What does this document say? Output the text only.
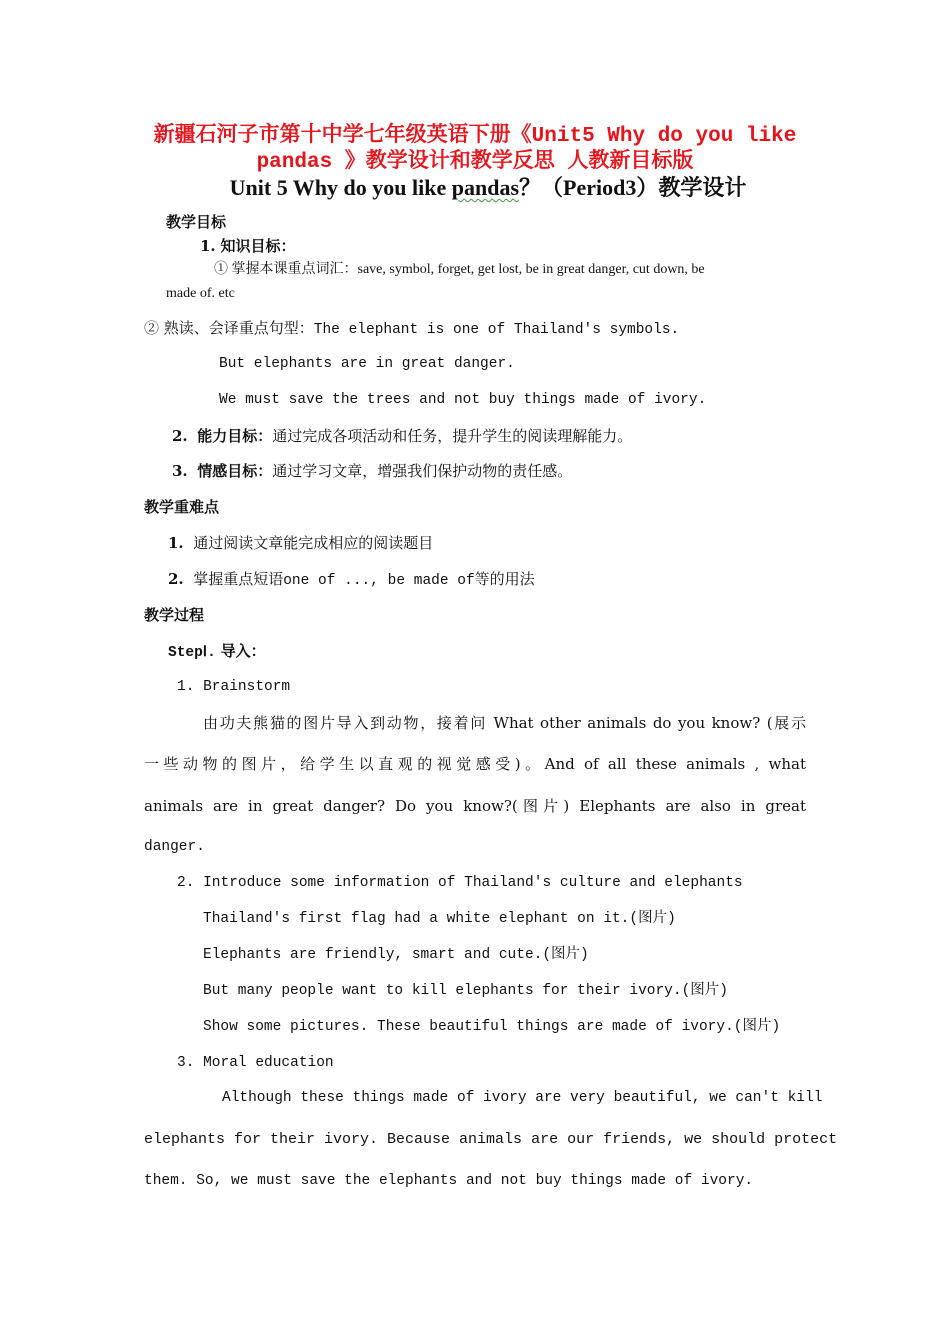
新疆石河子市第十中学七年级英语下册《Unit5 Why do you like
pandas 》教学设计和教学反思 人教新目标版
Unit 5 Why do you like pandas？（Period3）教学设计
教学目标
1. 知识目标：
① 掌握本课重点词汇：save, symbol, forget, get lost, be in great danger, cut down, be
made of. etc
② 熟读、会译重点句型：The elephant is one of Thailand's symbols.
But elephants are in great danger.
We must save the trees and not buy things made of ivory.
2. 能力目标：通过完成各项活动和任务，提升学生的阅读理解能力。
3. 情感目标：通过学习文章，增强我们保护动物的责任感。
教学重难点
1. 通过阅读文章能完成相应的阅读题目
2. 掌握重点短语one of ..., be made of等的用法
教学过程
StepⅠ. 导入：
1. Brainstorm
由功夫熊猫的图片导入到动物，接着问 What other animals do you know? (展示
一些动物的图片，给学生以直观的视觉感受)。And of all these animals , what
animals are in great danger? Do you know?(图片) Elephants are also in great
danger.
2. Introduce some information of Thailand's culture and elephants
Thailand's first flag had a white elephant on it.(图片)
Elephants are friendly, smart and cute.(图片)
But many people want to kill elephants for their ivory.(图片)
Show some pictures. These beautiful things are made of ivory.(图片)
3. Moral education
Although these things made of ivory are very beautiful, we can't kill
elephants for their ivory. Because animals are our friends, we should protect
them. So, we must save the elephants and not buy things made of ivory.
